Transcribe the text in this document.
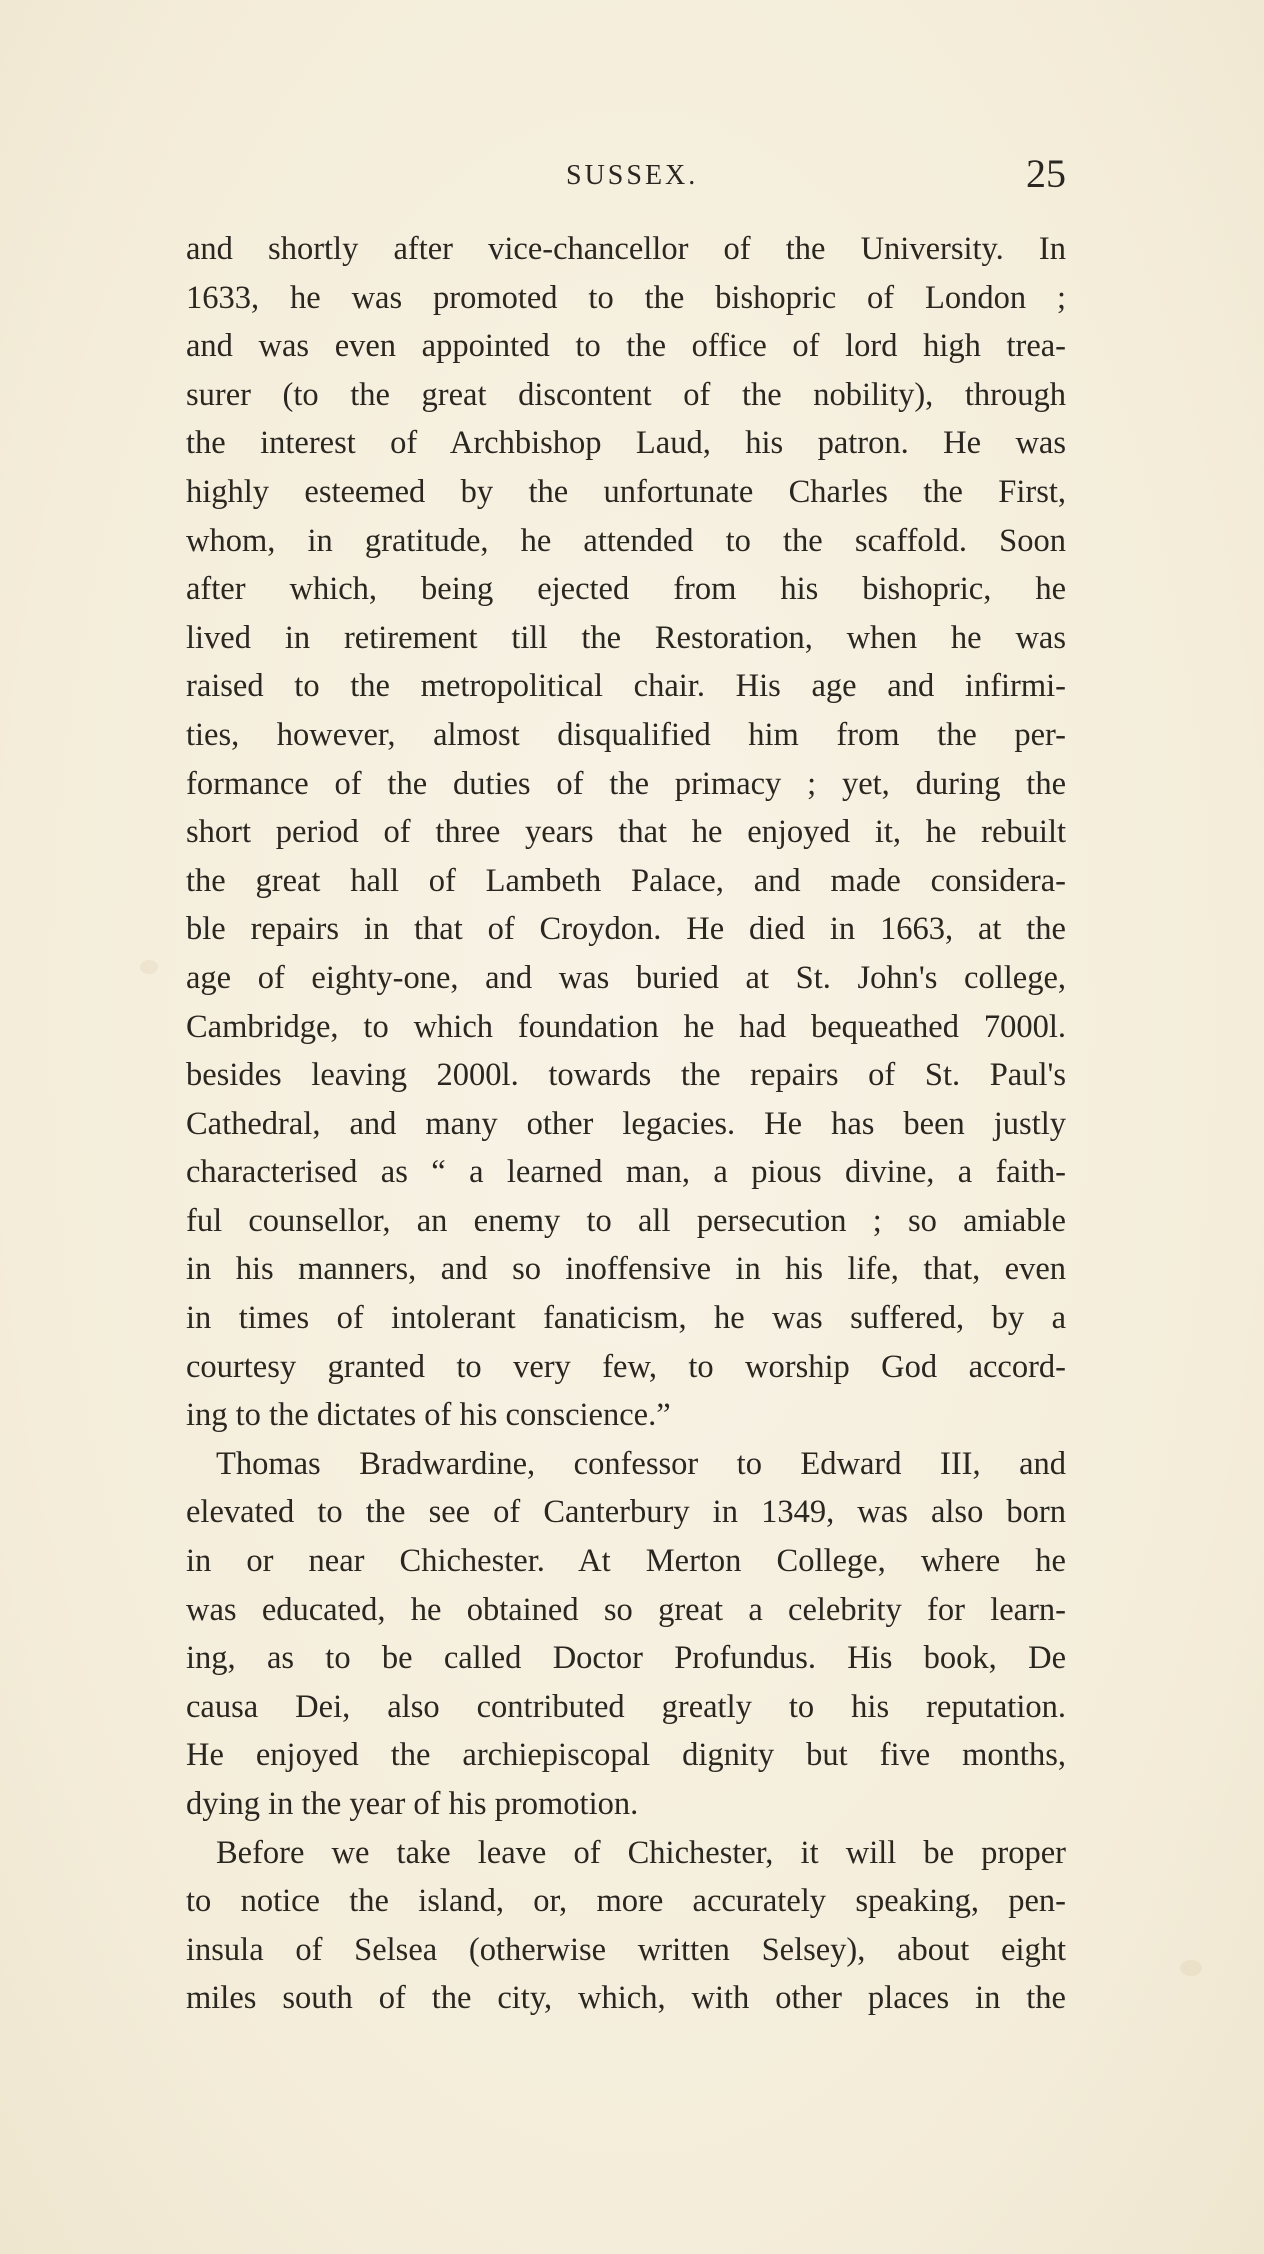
SUSSEX.	25
and shortly after vice-chancellor of the University. In
1633, he was promoted to the bishopric of London ;
and was even appointed to the office of lord high trea-
surer (to the great discontent of the nobility), through
the interest of Archbishop Laud, his patron. He was
highly esteemed by the unfortunate Charles the First,
whom, in gratitude, he attended to the scaffold. Soon
after which, being ejected from his bishopric, he
lived in retirement till the Restoration, when he was
raised to the metropolitical chair. His age and infirmi-
ties, however, almost disqualified him from the per-
formance of the duties of the primacy ; yet, during the
short period of three years that he enjoyed it, he rebuilt
the great hall of Lambeth Palace, and made considera-
ble repairs in that of Croydon. He died in 1663, at the
age of eighty-one, and was buried at St. John's college,
Cambridge, to which foundation he had bequeathed 7000l.
besides leaving 2000l. towards the repairs of St. Paul's
Cathedral, and many other legacies. He has been justly
characterised as “ a learned man, a pious divine, a faith-
ful counsellor, an enemy to all persecution ; so amiable
in his manners, and so inoffensive in his life, that, even
in times of intolerant fanaticism, he was suffered, by a
courtesy granted to very few, to worship God accord-
ing to the dictates of his conscience.”
Thomas Bradwardine, confessor to Edward III, and
elevated to the see of Canterbury in 1349, was also born
in or near Chichester. At Merton College, where he
was educated, he obtained so great a celebrity for learn-
ing, as to be called Doctor Profundus. His book, De
causa Dei, also contributed greatly to his reputation.
He enjoyed the archiepiscopal dignity but five months,
dying in the year of his promotion.
Before we take leave of Chichester, it will be proper
to notice the island, or, more accurately speaking, pen-
insula of Selsea (otherwise written Selsey), about eight
miles south of the city, which, with other places in the
